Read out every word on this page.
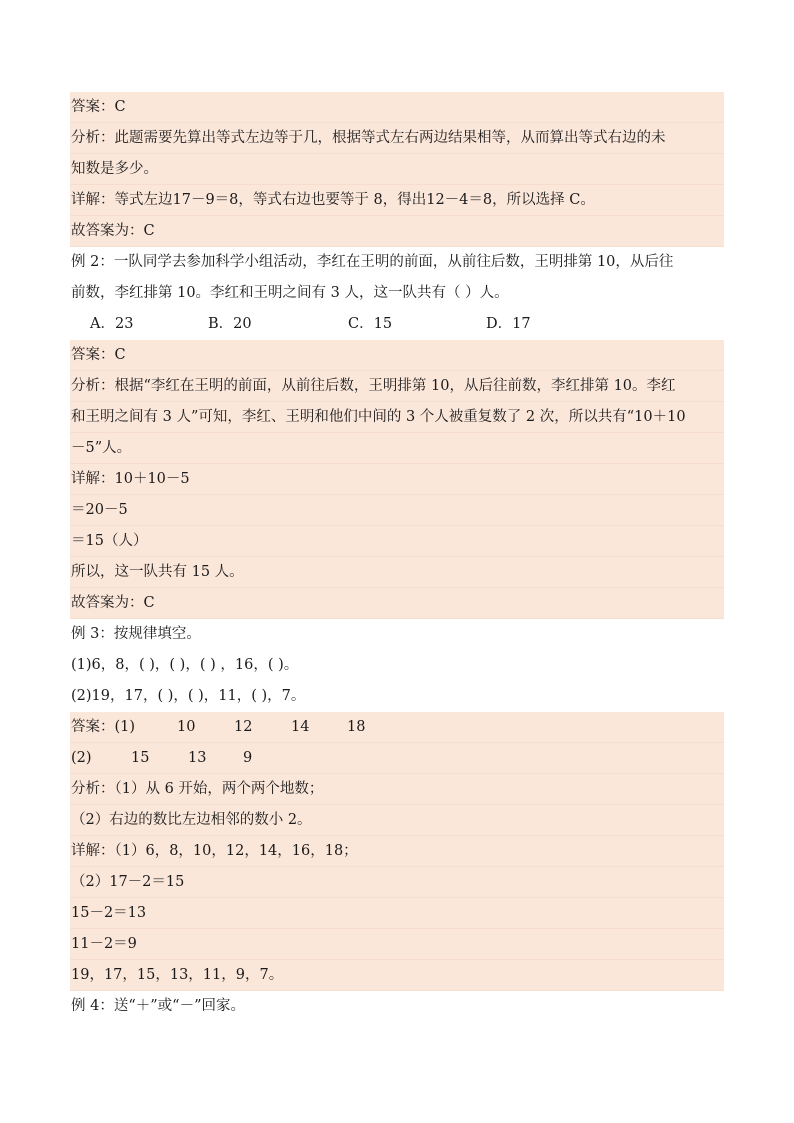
答案：C
分析：此题需要先算出等式左边等于几，根据等式左右两边结果相等，从而算出等式右边的未
知数是多少。
详解：等式左边17－9＝8，等式右边也要等于 8，得出12－4＝8，所以选择 C。
故答案为：C
例 2：一队同学去参加科学小组活动，李红在王明的前面，从前往后数，王明排第 10，从后往
前数，李红排第 10。李红和王明之间有 3 人，这一队共有（ ）人。
A．23	B．20	C．15	D．17
答案：C
分析：根据“李红在王明的前面，从前往后数，王明排第 10，从后往前数，李红排第 10。李红
和王明之间有 3 人”可知，李红、王明和他们中间的 3 个人被重复数了 2 次，所以共有“10＋10
－5”人。
详解：10＋10－5
＝20－5
＝15（人）
所以，这一队共有 15 人。
故答案为：C
例 3：按规律填空。
(1)6，8，( )，( )，( ) ，16，( )。
(2)19，17，( )，( )，11，( )，7。
答案：(1)	10	12	14	18
(2)	15	13	9
分析：（1）从 6 开始，两个两个地数；
（2）右边的数比左边相邻的数小 2。
详解：（1）6，8，10，12，14，16，18；
（2）17－2＝15
15－2＝13
11－2＝9
19，17，15，13，11，9，7。
例 4：送“＋”或“－”回家。
